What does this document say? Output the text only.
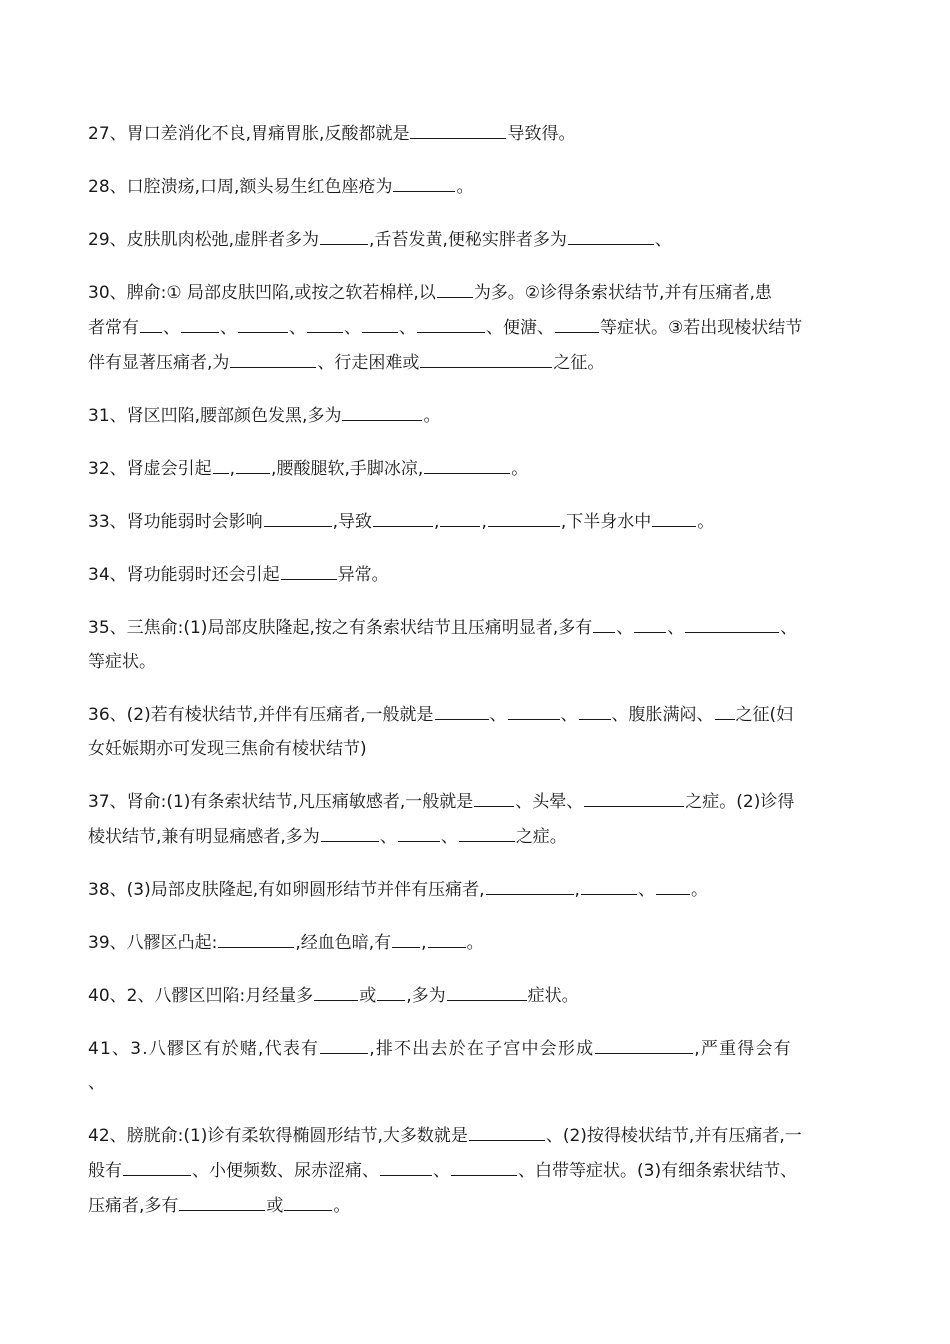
27、胃口差消化不良,胃痛胃胀,反酸都就是	导致得。
28、口腔溃疡,口周,额头易生红色座疮为	。
29、皮肤肌肉松弛,虚胖者多为	,舌苔发黄,便秘实胖者多为	、
30、脾俞:① 局部皮肤凹陷,或按之软若棉样,以 为多。②诊得条索状结节,并有压痛者,患
者常有 、 、	、 、 、	、便溏、	等症状。③若出现棱状结节
伴有显著压痛者,为	、行走困难或	之征。
31、肾区凹陷,腰部颜色发黑,多为	。
32、肾虚会引起 , ,腰酸腿软,手脚冰凉,	。
33、肾功能弱时会影响	,导致	, ,	,下半身水中	。
34、肾功能弱时还会引起	异常。
35、三焦俞:(1)局部皮肤隆起,按之有条索状结节且压痛明显者,多有 、 、	、
等症状。
36、(2)若有棱状结节,并伴有压痛者,一般就是	、	、 、腹胀满闷、 之征(妇
女妊娠期亦可发现三焦俞有棱状结节)
37、肾俞:(1)有条索状结节,凡压痛敏感者,一般就是 、头晕、	之症。(2)诊得
棱状结节,兼有明显痛感者,多为	、	、	之症。
38、(3)局部皮肤隆起,有如卵圆形结节并伴有压痛者,	,	、 。
39、八髎区凸起:	,经血色暗,有 , 。
40、2、八髎区凹陷:月经量多	或 ,多为	症状。
41、3.八髎区有於赌,代表有	,排不出去於在子宫中会形成	,严重得会有
、
42、膀胱俞:(1)诊有柔软得椭圆形结节,大多数就是	、(2)按得棱状结节,并有压痛者,一
般有	、小便频数、尿赤涩痛、	、	、白带等症状。(3)有细条索状结节、
压痛者,多有	或	。
